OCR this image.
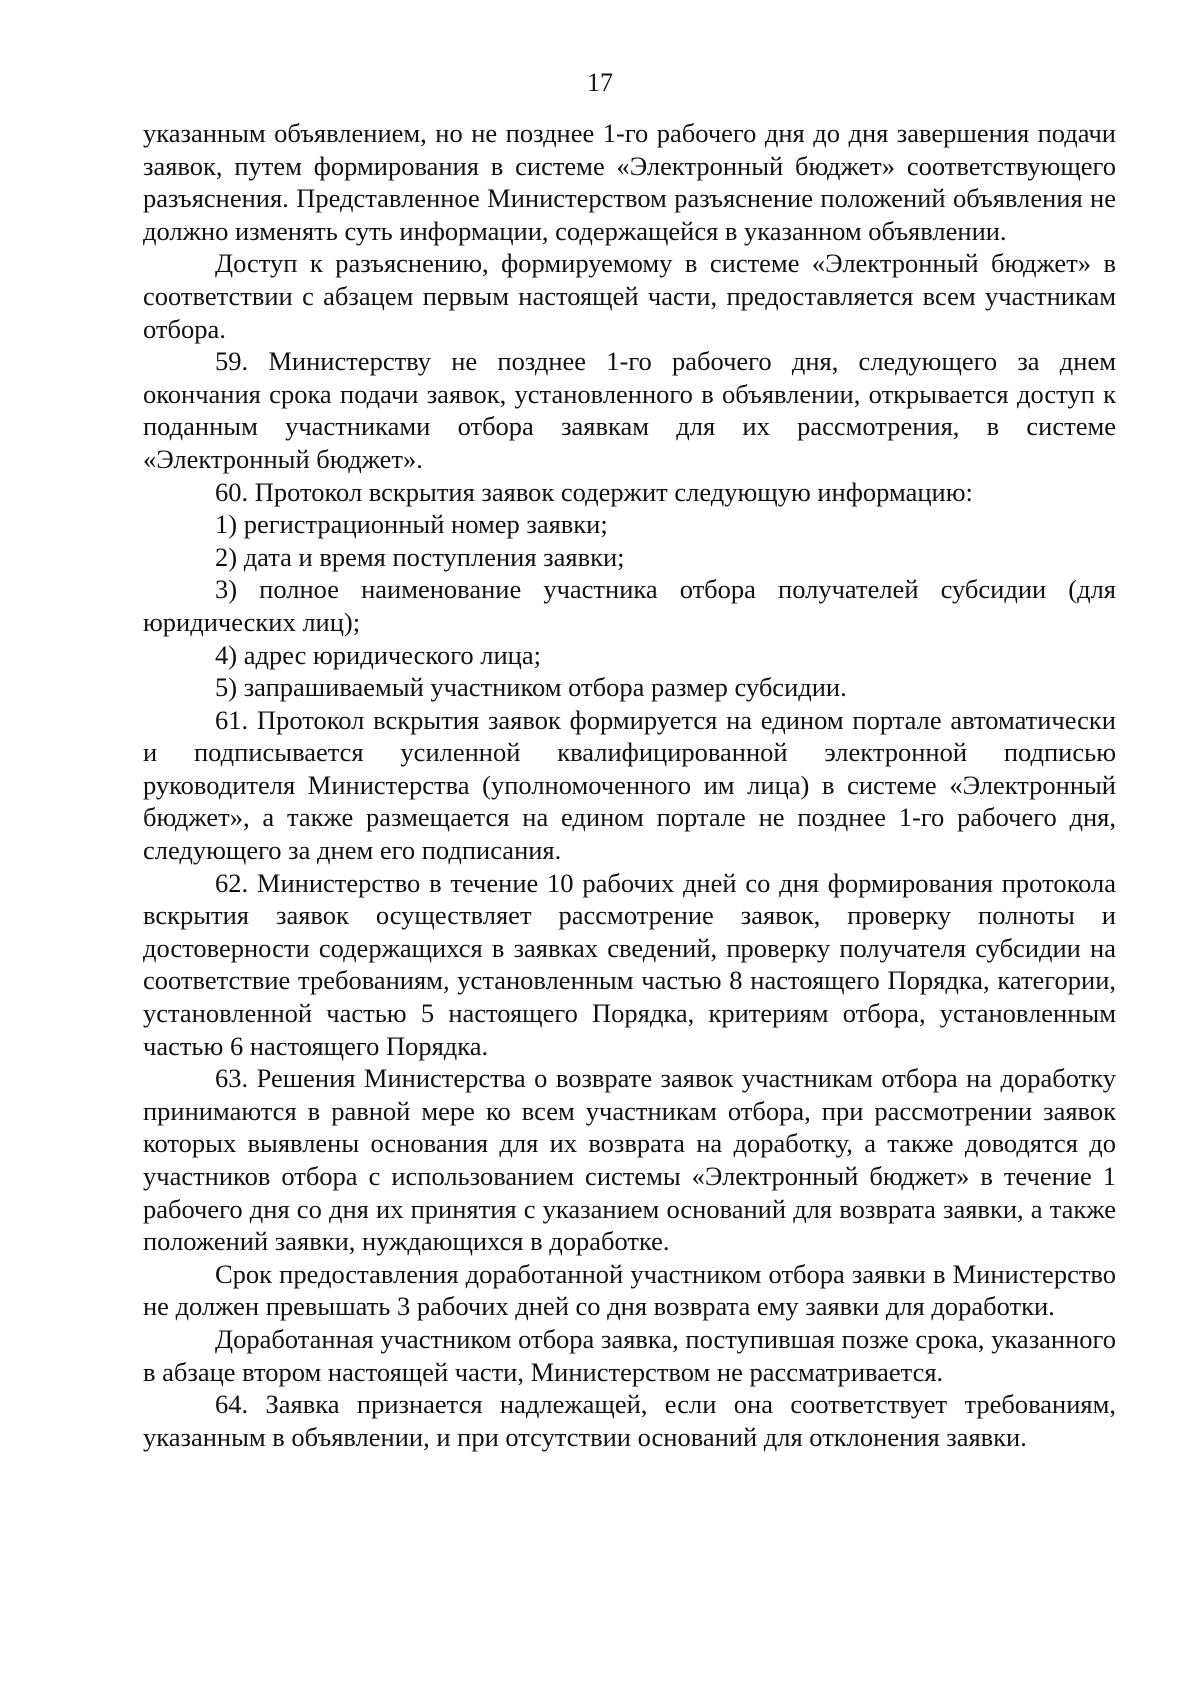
17

указанным объявлением, но не позднее 1-го рабочего дня до дня завершения подачи заявок, путем формирования в системе «Электронный бюджет» соответствующего разъяснения. Представленное Министерством разъяснение положений объявления не должно изменять суть информации, содержащейся в указанном объявлении.

Доступ к разъяснению, формируемому в системе «Электронный бюджет» в соответствии с абзацем первым настоящей части, предоставляется всем участникам отбора.

59. Министерству не позднее 1-го рабочего дня, следующего за днем окончания срока подачи заявок, установленного в объявлении, открывается доступ к поданным участниками отбора заявкам для их рассмотрения, в системе «Электронный бюджет».

60. Протокол вскрытия заявок содержит следующую информацию:

1) регистрационный номер заявки;

2) дата и время поступления заявки;

3) полное наименование участника отбора получателей субсидии (для юридических лиц);

4) адрес юридического лица;

5) запрашиваемый участником отбора размер субсидии.

61. Протокол вскрытия заявок формируется на едином портале автоматически и подписывается усиленной квалифицированной электронной подписью руководителя Министерства (уполномоченного им лица) в системе «Электронный бюджет», а также размещается на едином портале не позднее 1-го рабочего дня, следующего за днем его подписания.

62. Министерство в течение 10 рабочих дней со дня формирования протокола вскрытия заявок осуществляет рассмотрение заявок, проверку полноты и достоверности содержащихся в заявках сведений, проверку получателя субсидии на соответствие требованиям, установленным частью 8 настоящего Порядка, категории, установленной частью 5 настоящего Порядка, критериям отбора, установленным частью 6 настоящего Порядка.

63. Решения Министерства о возврате заявок участникам отбора на доработку принимаются в равной мере ко всем участникам отбора, при рассмотрении заявок которых выявлены основания для их возврата на доработку, а также доводятся до участников отбора с использованием системы «Электронный бюджет» в течение 1 рабочего дня со дня их принятия с указанием оснований для возврата заявки, а также положений заявки, нуждающихся в доработке.

Срок предоставления доработанной участником отбора заявки в Министерство не должен превышать 3 рабочих дней со дня возврата ему заявки для доработки.

Доработанная участником отбора заявка, поступившая позже срока, указанного в абзаце втором настоящей части, Министерством не рассматривается.

64. Заявка признается надлежащей, если она соответствует требованиям, указанным в объявлении, и при отсутствии оснований для отклонения заявки.
